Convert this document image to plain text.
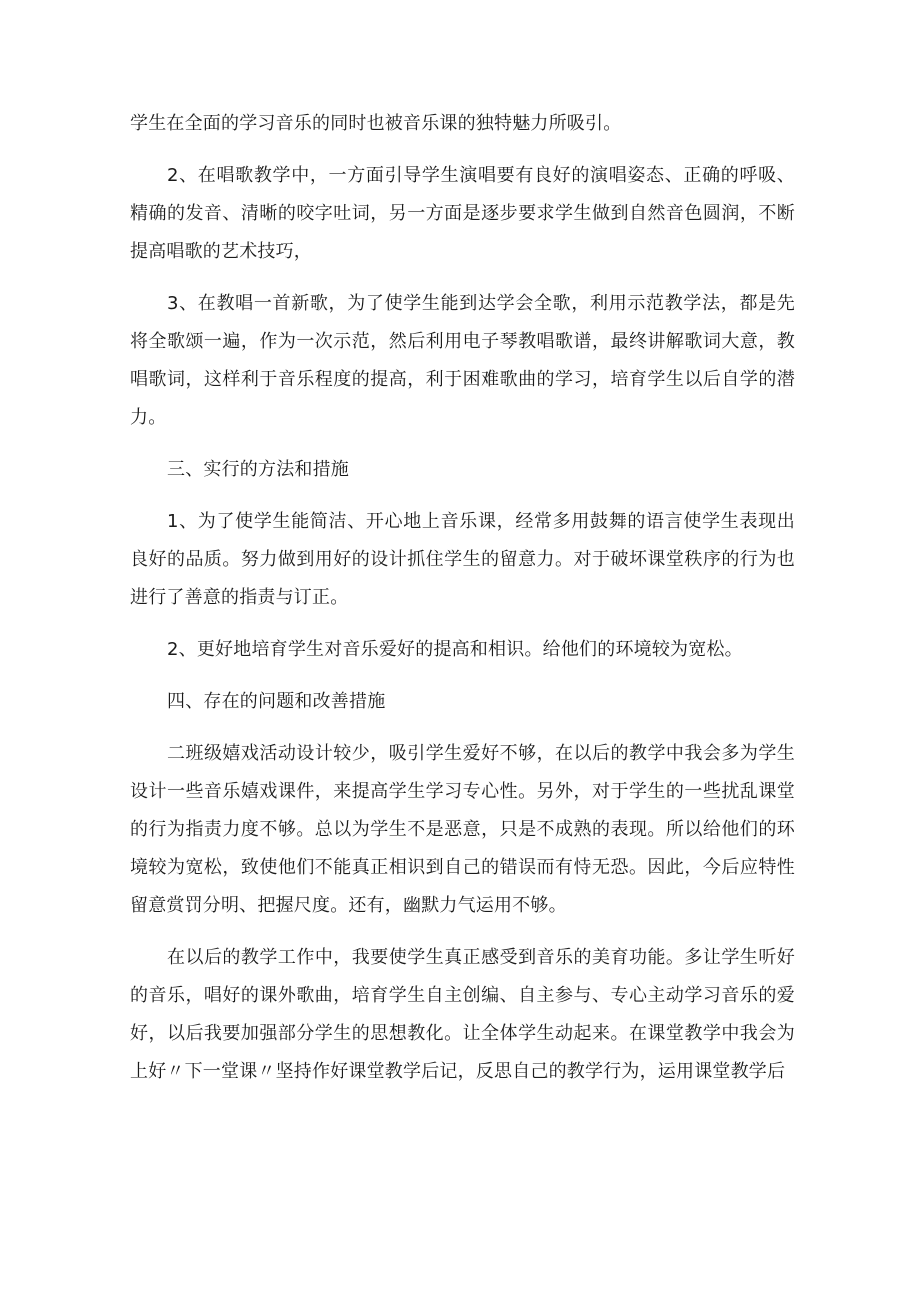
学生在全面的学习音乐的同时也被音乐课的独特魅力所吸引。

2、在唱歌教学中，一方面引导学生演唱要有良好的演唱姿态、正确的呼吸、精确的发音、清晰的咬字吐词，另一方面是逐步要求学生做到自然音色圆润，不断提高唱歌的艺术技巧，

3、在教唱一首新歌，为了使学生能到达学会全歌，利用示范教学法，都是先将全歌颂一遍，作为一次示范，然后利用电子琴教唱歌谱，最终讲解歌词大意，教唱歌词，这样利于音乐程度的提高，利于困难歌曲的学习，培育学生以后自学的潜力。

三、实行的方法和措施

1、为了使学生能简洁、开心地上音乐课，经常多用鼓舞的语言使学生表现出良好的品质。努力做到用好的设计抓住学生的留意力。对于破坏课堂秩序的行为也进行了善意的指责与订正。

2、更好地培育学生对音乐爱好的提高和相识。给他们的环境较为宽松。

四、存在的问题和改善措施

二班级嬉戏活动设计较少，吸引学生爱好不够，在以后的教学中我会多为学生设计一些音乐嬉戏课件，来提高学生学习专心性。另外，对于学生的一些扰乱课堂的行为指责力度不够。总以为学生不是恶意，只是不成熟的表现。所以给他们的环境较为宽松，致使他们不能真正相识到自己的错误而有恃无恐。因此，今后应特性留意赏罚分明、把握尺度。还有，幽默力气运用不够。

在以后的教学工作中，我要使学生真正感受到音乐的美育功能。多让学生听好的音乐，唱好的课外歌曲，培育学生自主创编、自主参与、专心主动学习音乐的爱好，以后我要加强部分学生的思想教化。让全体学生动起来。在课堂教学中我会为上好〃下一堂课〃坚持作好课堂教学后记，反思自己的教学行为，运用课堂教学后
